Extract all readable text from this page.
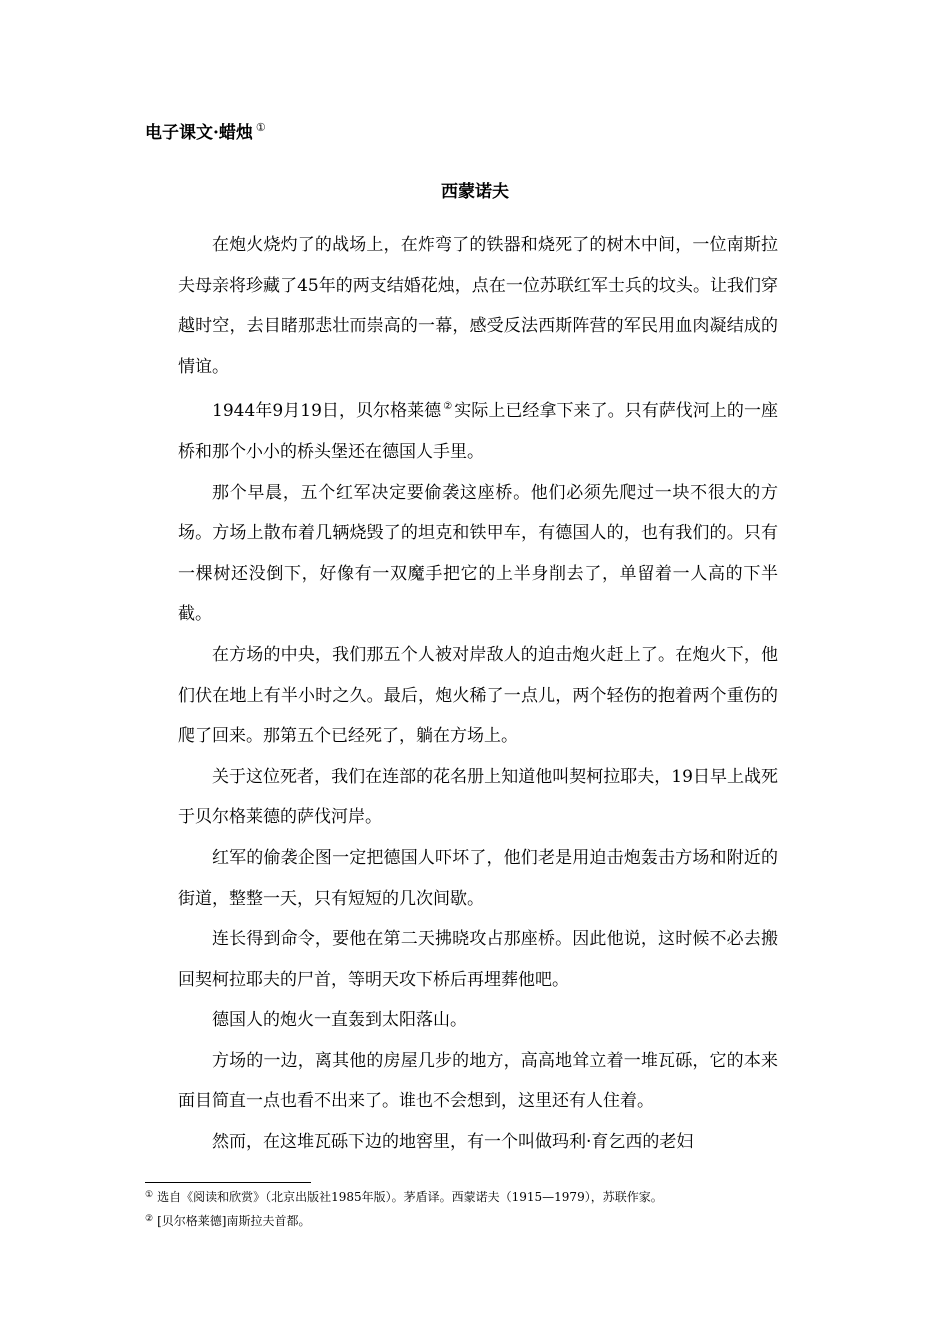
电子课文·蜡烛 ①
西蒙诺夫

在炮火烧灼了的战场上，在炸弯了的铁器和烧死了的树木中间，一位南斯拉夫母亲将珍藏了45年的两支结婚花烛，点在一位苏联红军士兵的坟头。让我们穿越时空，去目睹那悲壮而崇高的一幕，感受反法西斯阵营的军民用血肉凝结成的情谊。

1944年9月19日，贝尔格莱德 ② 实际上已经拿下来了。只有萨伐河上的一座桥和那个小小的桥头堡还在德国人手里。

那个早晨，五个红军决定要偷袭这座桥。他们必须先爬过一块不很大的方场。方场上散布着几辆烧毁了的坦克和铁甲车，有德国人的，也有我们的。只有一棵树还没倒下，好像有一双魔手把它的上半身削去了，单留着一人高的下半截。

在方场的中央，我们那五个人被对岸敌人的迫击炮火赶上了。在炮火下，他们伏在地上有半小时之久。最后，炮火稀了一点儿，两个轻伤的抱着两个重伤的爬了回来。那第五个已经死了，躺在方场上。

关于这位死者，我们在连部的花名册上知道他叫契柯拉耶夫，19日早上战死于贝尔格莱德的萨伐河岸。

红军的偷袭企图一定把德国人吓坏了，他们老是用迫击炮轰击方场和附近的街道，整整一天，只有短短的几次间歇。

连长得到命令，要他在第二天拂晓攻占那座桥。因此他说，这时候不必去搬回契柯拉耶夫的尸首，等明天攻下桥后再埋葬他吧。

德国人的炮火一直轰到太阳落山。

方场的一边，离其他的房屋几步的地方，高高地耸立着一堆瓦砾，它的本来面目简直一点也看不出来了。谁也不会想到，这里还有人住着。

然而，在这堆瓦砾下边的地窖里，有一个叫做玛利·育乞西的老妇

① 选自《阅读和欣赏》（北京出版社1985年版）。茅盾译。西蒙诺夫（1915—1979），苏联作家。
② [贝尔格莱德]南斯拉夫首都。
